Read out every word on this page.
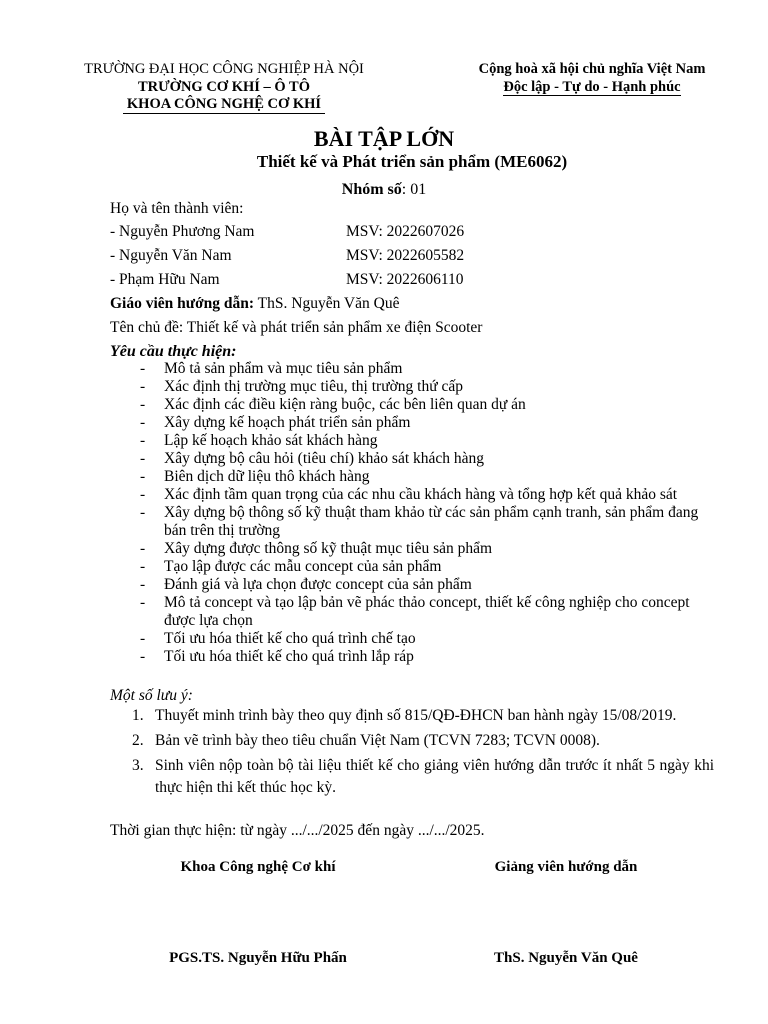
TRƯỜNG ĐẠI HỌC CÔNG NGHIỆP HÀ NỘI
TRƯỜNG CƠ KHÍ – Ô TÔ
KHOA CÔNG NGHỆ CƠ KHÍ
Cộng hoà xã hội chủ nghĩa Việt Nam
Độc lập - Tự do - Hạnh phúc
BÀI TẬP LỚN
Thiết kế và Phát triển sản phẩm (ME6062)
Nhóm số: 01
Họ và tên thành viên:
- Nguyễn Phương Nam	MSV: 2022607026
- Nguyễn Văn Nam	MSV: 2022605582
- Phạm Hữu Nam	MSV: 2022606110
Giáo viên hướng dẫn: ThS. Nguyễn Văn Quê
Tên chủ đề: Thiết kế và phát triển sản phẩm xe điện Scooter
Yêu cầu thực hiện:
- Mô tả sản phẩm và mục tiêu sản phẩm
- Xác định thị trường mục tiêu, thị trường thứ cấp
- Xác định các điều kiện ràng buộc, các bên liên quan dự án
- Xây dựng kế hoạch phát triển sản phẩm
- Lập kế hoạch khảo sát khách hàng
- Xây dựng bộ câu hỏi (tiêu chí) khảo sát khách hàng
- Biên dịch dữ liệu thô khách hàng
- Xác định tầm quan trọng của các nhu cầu khách hàng và tổng hợp kết quả khảo sát
- Xây dựng bộ thông số kỹ thuật tham khảo từ các sản phẩm cạnh tranh, sản phẩm đang bán trên thị trường
- Xây dựng được thông số kỹ thuật mục tiêu sản phẩm
- Tạo lập được các mẫu concept của sản phẩm
- Đánh giá và lựa chọn được concept của sản phẩm
- Mô tả concept và tạo lập bản vẽ phác thảo concept, thiết kế công nghiệp cho concept được lựa chọn
- Tối ưu hóa thiết kế cho quá trình chế tạo
- Tối ưu hóa thiết kế cho quá trình lắp ráp
Một số lưu ý:
1. Thuyết minh trình bày theo quy định số 815/QĐ-ĐHCN ban hành ngày 15/08/2019.
2. Bản vẽ trình bày theo tiêu chuẩn Việt Nam (TCVN 7283; TCVN 0008).
3. Sinh viên nộp toàn bộ tài liệu thiết kế cho giảng viên hướng dẫn trước ít nhất 5 ngày khi thực hiện thi kết thúc học kỳ.
Thời gian thực hiện: từ ngày .../.../2025 đến ngày .../.../2025.
Khoa Công nghệ Cơ khí	Giảng viên hướng dẫn
PGS.TS. Nguyễn Hữu Phấn	ThS. Nguyễn Văn Quê
